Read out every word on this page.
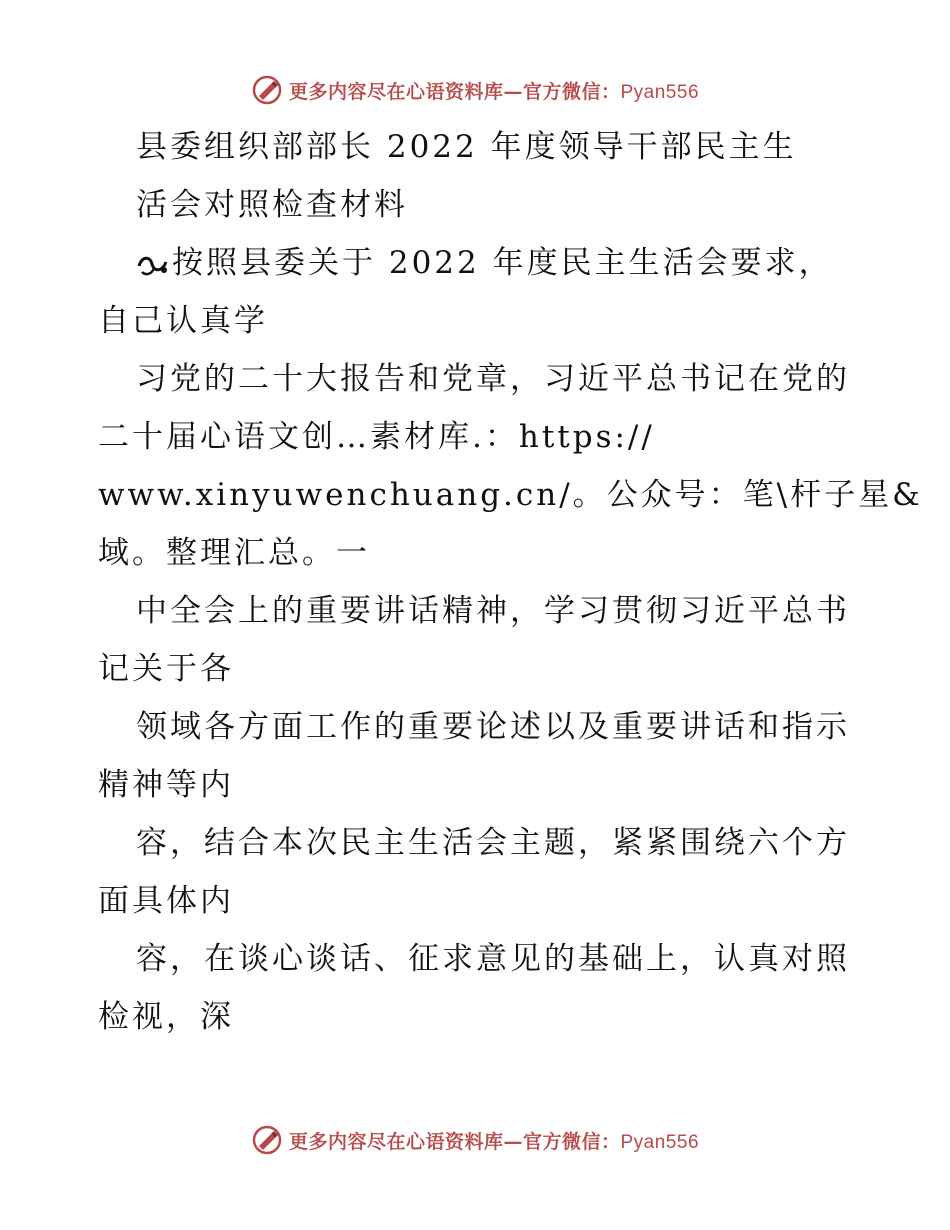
更多内容尽在心语资料库—官方微信：Pyan556
县委组织部部长 2022 年度领导干部民主生
活会对照检查材料
按照县委关于 2022 年度民主生活会要求，
自己认真学
习党的二十大报告和党章，习近平总书记在党的
二十届心语文创…素材库.：https://
www.xinyuwenchuang.cn/。公众号：笔\杆子星&
域。整理汇总。一
中全会上的重要讲话精神，学习贯彻习近平总书
记关于各
领域各方面工作的重要论述以及重要讲话和指示
精神等内
容，结合本次民主生活会主题，紧紧围绕六个方
面具体内
容，在谈心谈话、征求意见的基础上，认真对照
检视，深
更多内容尽在心语资料库—官方微信：Pyan556
